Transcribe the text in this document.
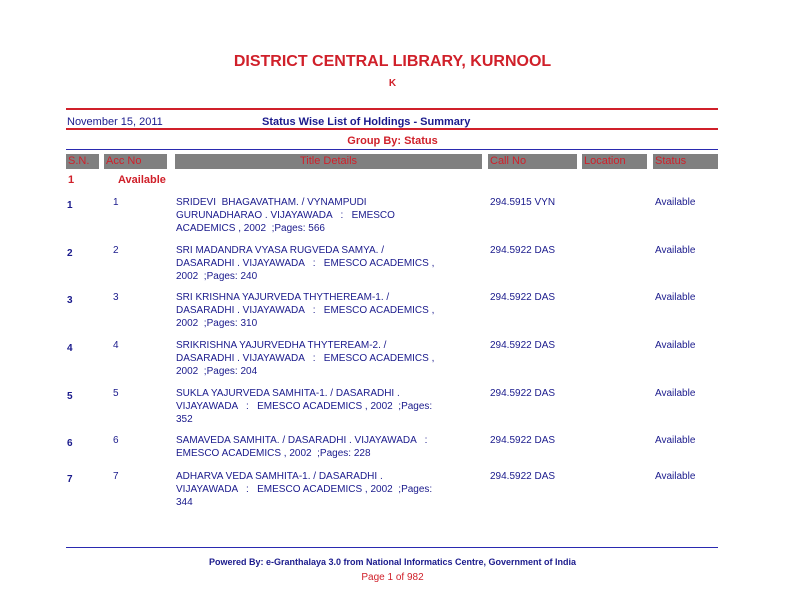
DISTRICT CENTRAL LIBRARY, KURNOOL
K
November 15, 2011	Status Wise List of Holdings - Summary
Group By: Status
S.N.	Acc No	Title Details	Call No	Location	Status
1	Available
1	1	SRIDEVI  BHAGAVATHAM. / VYNAMPUDI
GURUNADHARAO . VIJAYAWADA   :   EMESCO
ACADEMICS , 2002  ;Pages: 566
294.5915 VYN	Available
2	2	SRI MADANDRA VYASA RUGVEDA SAMYA. /
DASARADHI . VIJAYAWADA   :   EMESCO ACADEMICS ,
2002  ;Pages: 240
294.5922 DAS	Available
3	3	SRI KRISHNA YAJURVEDA THYTHEREAM-1. /
DASARADHI . VIJAYAWADA   :   EMESCO ACADEMICS ,
2002  ;Pages: 310
294.5922 DAS	Available
4	4	SRIKRISHNA YAJURVEDHA THYTEREAM-2. /
DASARADHI . VIJAYAWADA   :   EMESCO ACADEMICS ,
2002  ;Pages: 204
294.5922 DAS	Available
5	5	SUKLA YAJURVEDA SAMHITA-1. / DASARADHI .
VIJAYAWADA   :   EMESCO ACADEMICS , 2002  ;Pages:
352
294.5922 DAS	Available
6	6	SAMAVEDA SAMHITA. / DASARADHI . VIJAYAWADA   :
EMESCO ACADEMICS , 2002  ;Pages: 228
294.5922 DAS	Available
7	7	ADHARVA VEDA SAMHITA-1. / DASARADHI .
VIJAYAWADA   :   EMESCO ACADEMICS , 2002  ;Pages:
344
294.5922 DAS	Available
Powered By: e-Granthalaya 3.0 from National Informatics Centre, Government of India
Page 1 of 982
